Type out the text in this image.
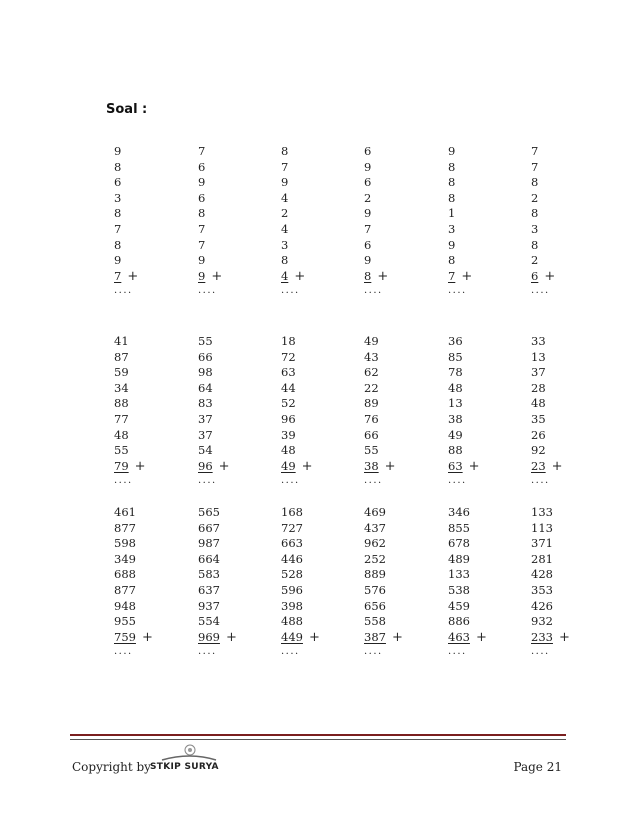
Soal :
9
8
6
3
8
7
8
9
7 +
....
7
6
9
6
8
7
7
9
9 +
....
8
7
9
4
2
4
3
8
4 +
....
6
9
6
2
9
7
6
9
8 +
....
9
8
8
8
1
3
9
8
7 +
....
7
7
8
2
8
3
8
2
6 +
....
41
87
59
34
88
77
48
55
79 +
....
55
66
98
64
83
37
37
54
96 +
....
18
72
63
44
52
96
39
48
49 +
....
49
43
62
22
89
76
66
55
38 +
....
36
85
78
48
13
38
49
88
63 +
....
33
13
37
28
48
35
26
92
23 +
....
461
877
598
349
688
877
948
955
759 +
....
565
667
987
664
583
637
937
554
969 +
....
168
727
663
446
528
596
398
488
449 +
....
469
437
962
252
889
576
656
558
387 +
....
346
855
678
489
133
538
459
886
463 +
....
133
113
371
281
428
353
426
932
233 +
....
Copyright by STKIP SURYA	Page 21
